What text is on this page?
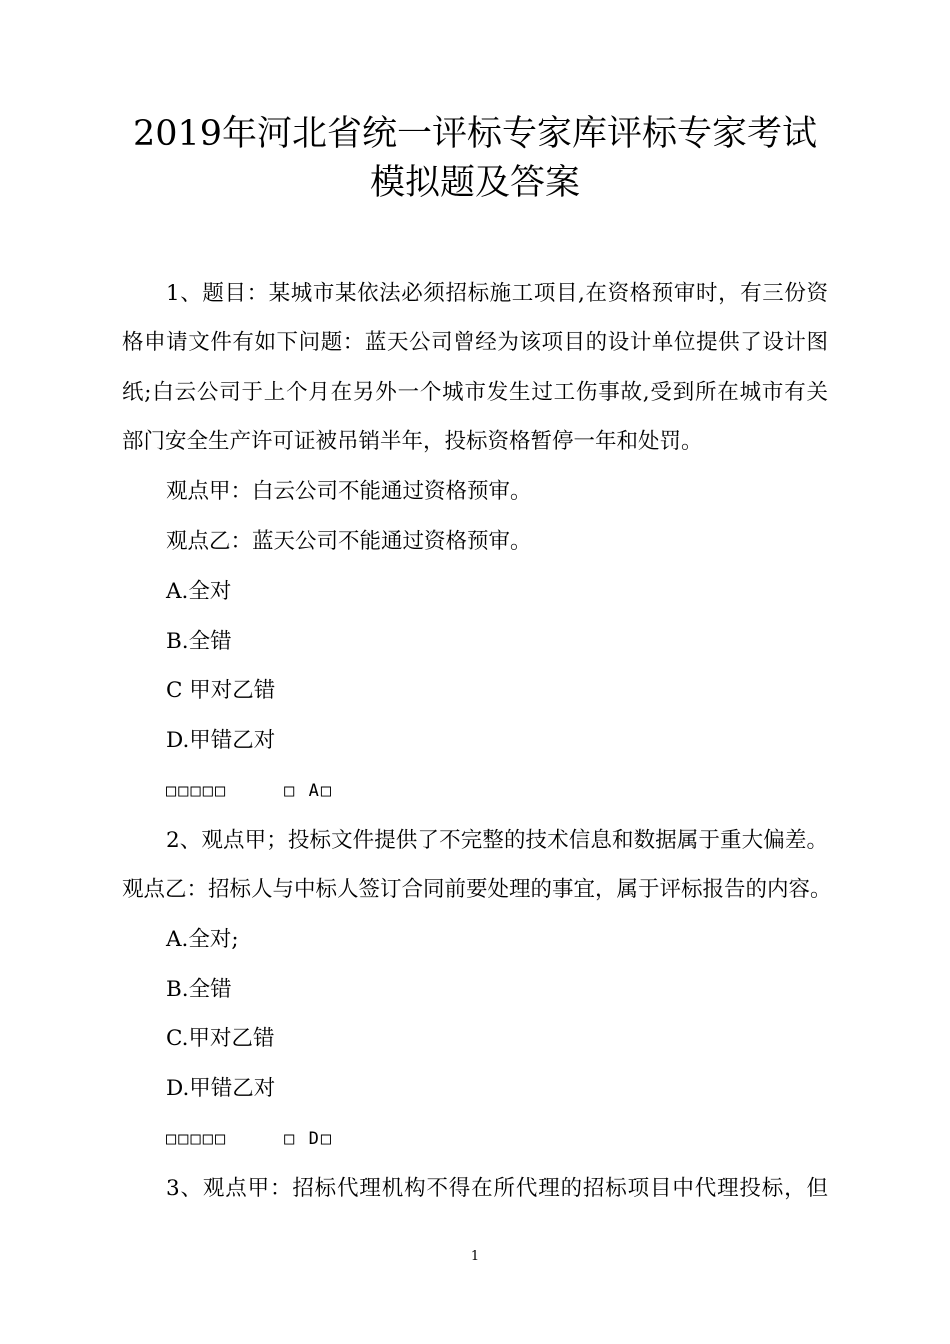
2019年河北省统一评标专家库评标专家考试
模拟题及答案
1、题目：某城市某依法必须招标施工项目,在资格预审时，有三份资
格申请文件有如下问题：蓝天公司曾经为该项目的设计单位提供了设计图
纸;白云公司于上个月在另外一个城市发生过工伤事故,受到所在城市有关
部门安全生产许可证被吊销半年，投标资格暂停一年和处罚。
观点甲：白云公司不能通过资格预审。
观点乙：蓝天公司不能通过资格预审。
A.全对
B.全错
C 甲对乙错
D.甲错乙对
□□□□□　　　□ A□
2、观点甲；投标文件提供了不完整的技术信息和数据属于重大偏差。
观点乙：招标人与中标人签订合同前要处理的事宜，属于评标报告的内容。
A.全对;
B.全错
C.甲对乙错
D.甲错乙对
□□□□□　　　□ D□
3、观点甲：招标代理机构不得在所代理的招标项目中代理投标，但
1
